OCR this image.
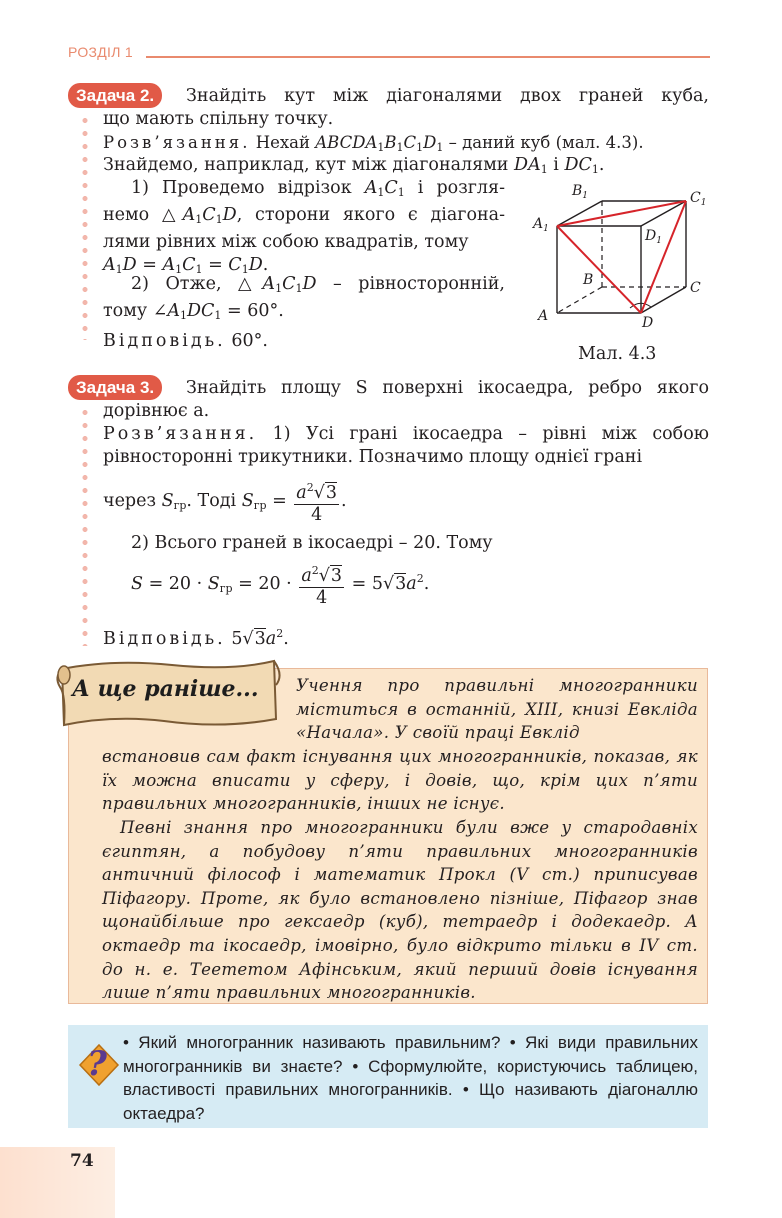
РОЗДІЛ 1
Задача 2.	Знайдіть кут між діагоналями двох граней куба,
що мають спільну точку.
Розв’язання. Нехай $ABCDA_1B_1C_1D_1$ – даний куб (мал. 4.3).
Знайдемо, наприклад, кут між діагоналями $DA_1$ і $DC_1$.
1) Проведемо відрізок $A_1C_1$ і розгля-немо $\triangle A_1C_1D$, сторони якого є діагона-лями рівних між собою квадратів, тому
$A_1D = A_1C_1 = C_1D$.
2) Отже, $\triangle A_1C_1D$ – рівносторонній,
тому $\angle A_1DC_1 = 60^\circ$.
Відповідь. 60°.
$B_1$	$C_1$
$A_1$	$D_1$
B	C
A	D
Мал. 4.3
Задача 3.	Знайдіть площу S поверхні ікосаедра, ребро якого
дорівнює a.
Розв’язання. 1) Усі грані ікосаедра – рівні між собою рівносторонні трикутники. Позначимо площу однієї грані
через $S_{гр}$. Тоді $S_{гр} = \frac{a^2√3}{4}$ .
2) Всього граней в ікосаедрі – 20. Тому
$S = 20 \cdot S_{гр} = 20 \cdot \frac{a^2√3}{4} = 5√3a^2$.
Відповідь. $5√3a^2$.
Учення про правильні многогранники міститься в останній, XIII, книзі Евкліда «Начала». У своїй праці Евклід
встановив сам факт існування цих многогранників, показав, як їх можна вписати у сферу, і довів, що, крім цих п’яти правильних многогранників, інших не існує.
Певні знання про многогранники були вже у стародавніх єгиптян, а побудову п’яти правильних многогранників античний філософ і математик Прокл (V ст.) приписував Піфагору. Проте, як було встановлено пізніше, Піфагор знав щонайбільше про гексаедр (куб), тетраедр і додекаедр. А октаедр та ікосаедр, імовірно, було відкрито тільки в IV ст. до н. е. Теететом Афінським, який перший довів існування лише п’яти правильних многогранників.
А ще раніше...
?
• Який многогранник називають правильним? • Які види правильних многогранників ви знаєте? • Сформулюйте, користуючись таблицею, властивості правильних многогранників. • Що називають діагоналлю октаедра?
74
